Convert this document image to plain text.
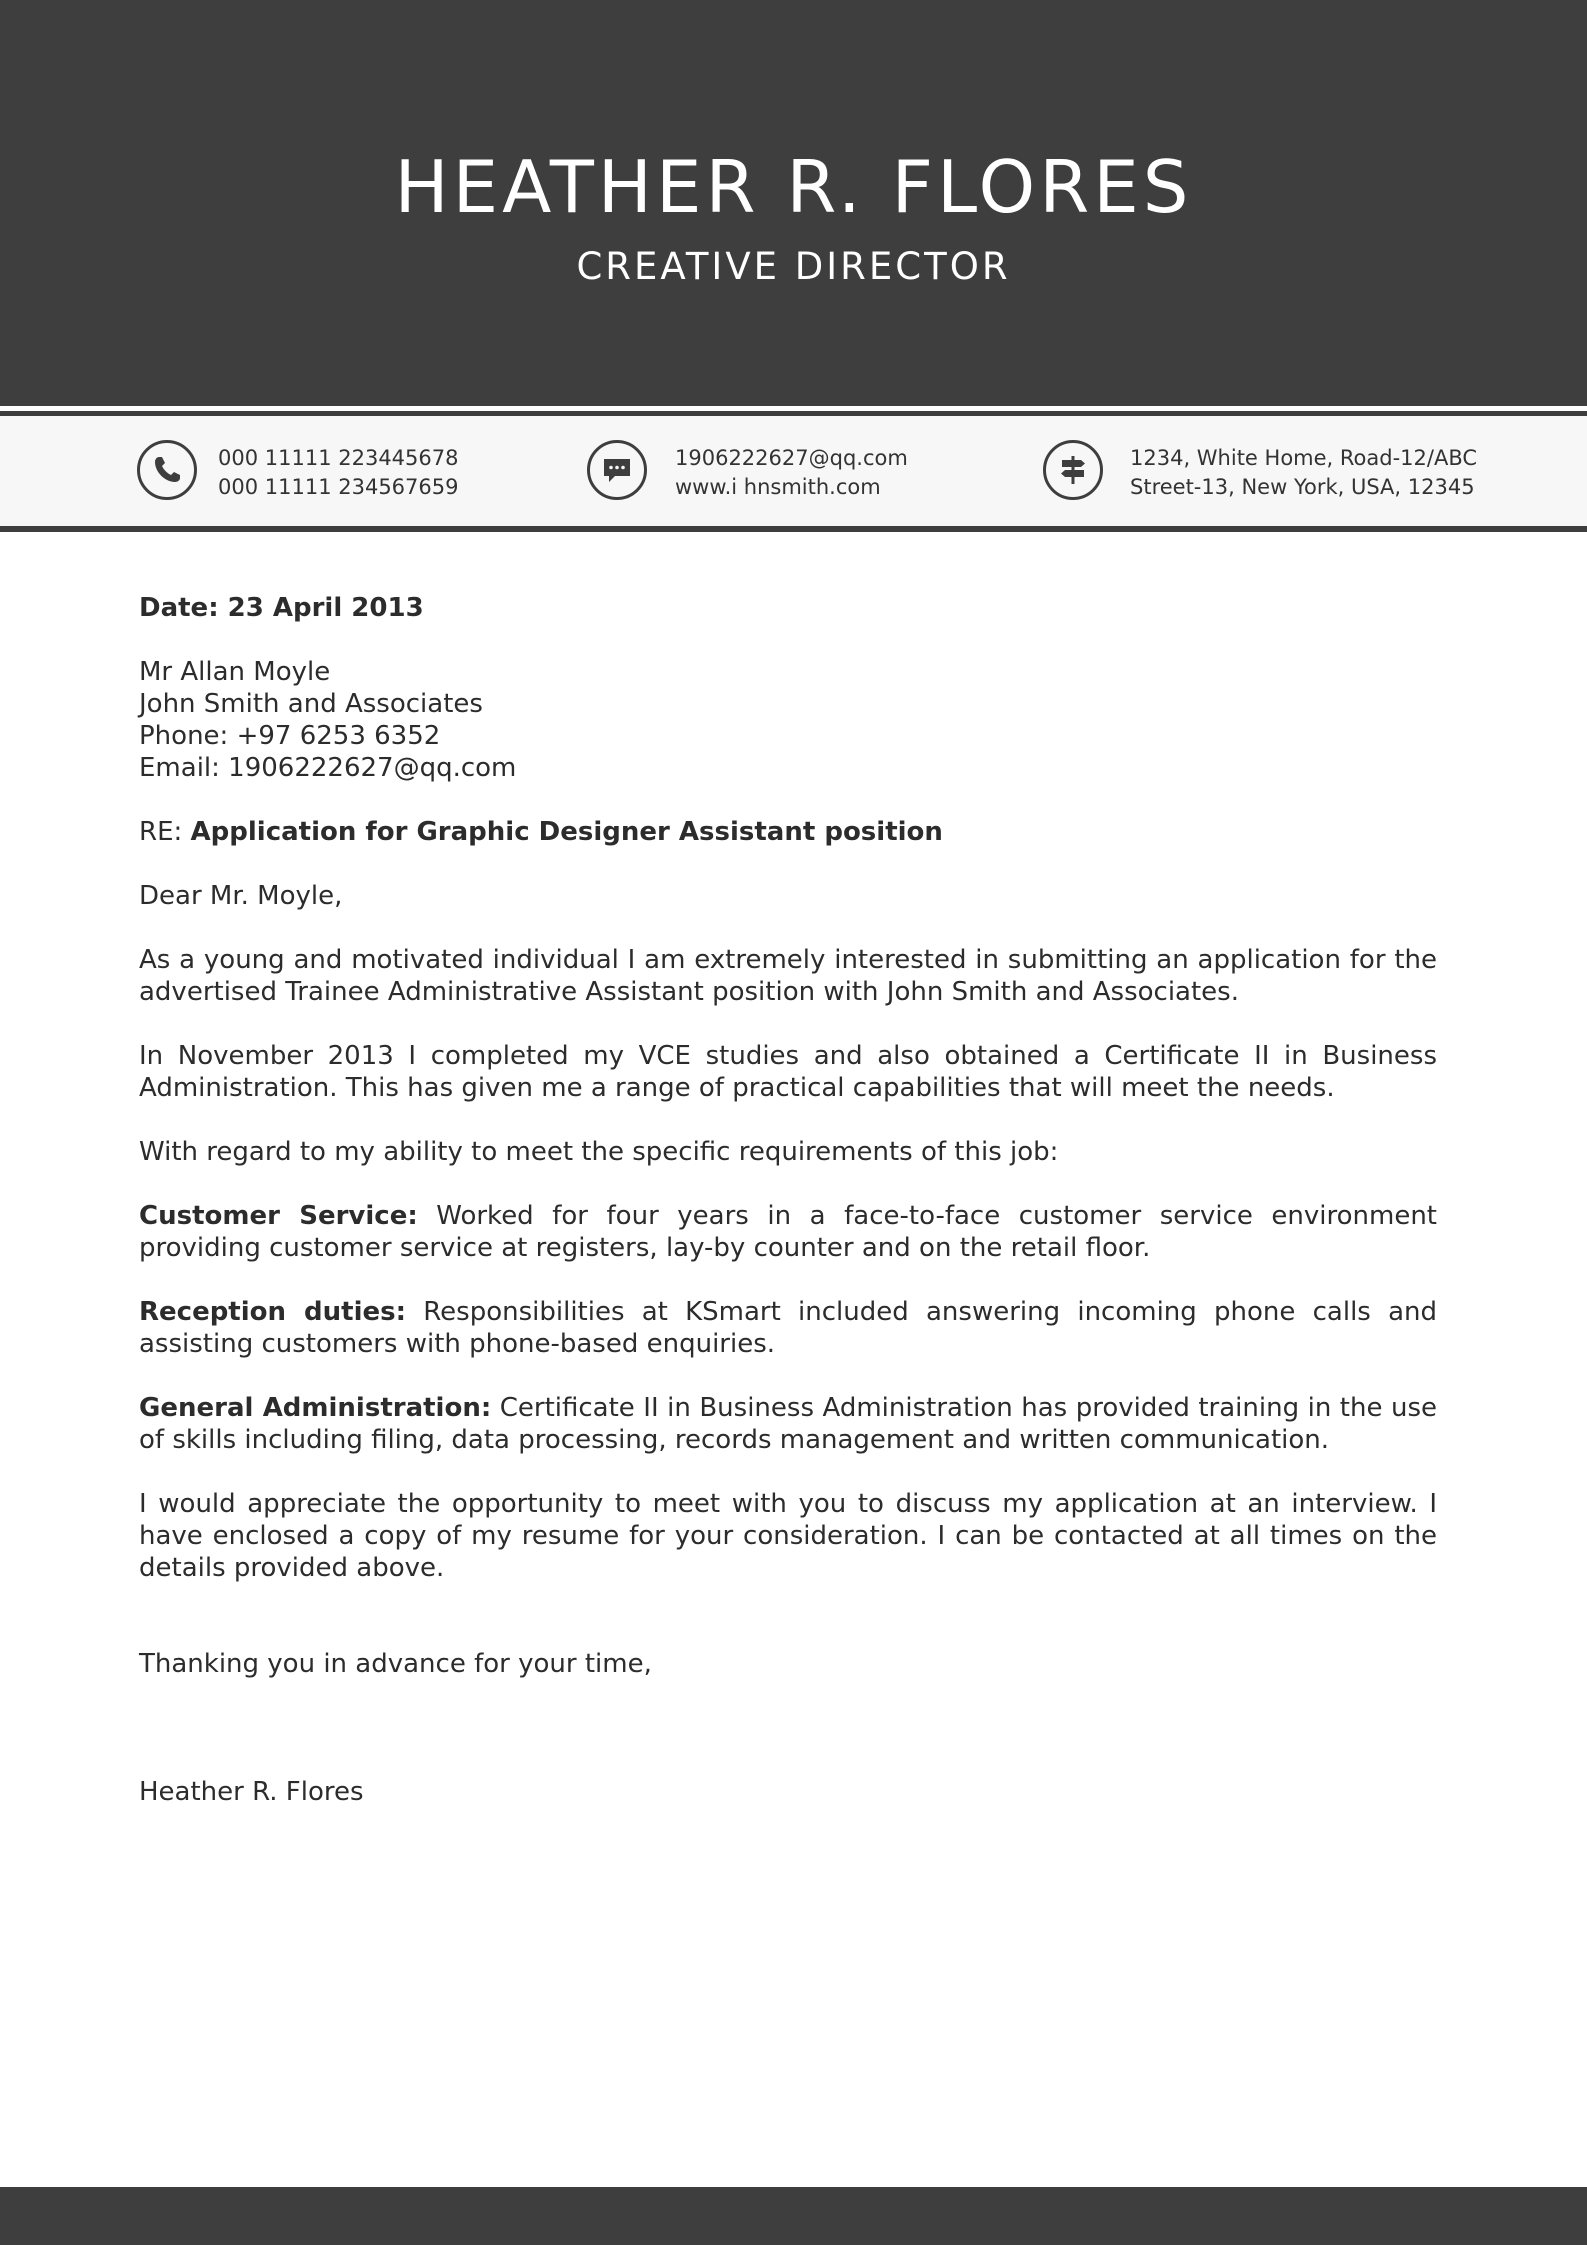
HEATHER R. FLORES
CREATIVE DIRECTOR
000 11111 223445678
000 11111 234567659
1906222627@qq.com
www.i hnsmith.com
1234, White Home, Road-12/ABC
Street-13, New York, USA, 12345

Date: 23 April 2013

Mr Allan Moyle
John Smith and Associates
Phone: +97 6253 6352
Email: 1906222627@qq.com

RE: Application for Graphic Designer Assistant position

Dear Mr. Moyle,

As a young and motivated individual I am extremely interested in submitting an application for the advertised Trainee Administrative Assistant position with John Smith and Associates.

In November 2013 I completed my VCE studies and also obtained a Certificate II in Business Administration. This has given me a range of practical capabilities that will meet the needs.

With regard to my ability to meet the specific requirements of this job:

Customer Service: Worked for four years in a face-to-face customer service environment providing customer service at registers, lay-by counter and on the retail floor.

Reception duties: Responsibilities at KSmart included answering incoming phone calls and assisting customers with phone-based enquiries.

General Administration: Certificate II in Business Administration has provided training in the use of skills including filing, data processing, records management and written communication.

I would appreciate the opportunity to meet with you to discuss my application at an interview. I have enclosed a copy of my resume for your consideration. I can be contacted at all times on the details provided above.

Thanking you in advance for your time,

Heather R. Flores
